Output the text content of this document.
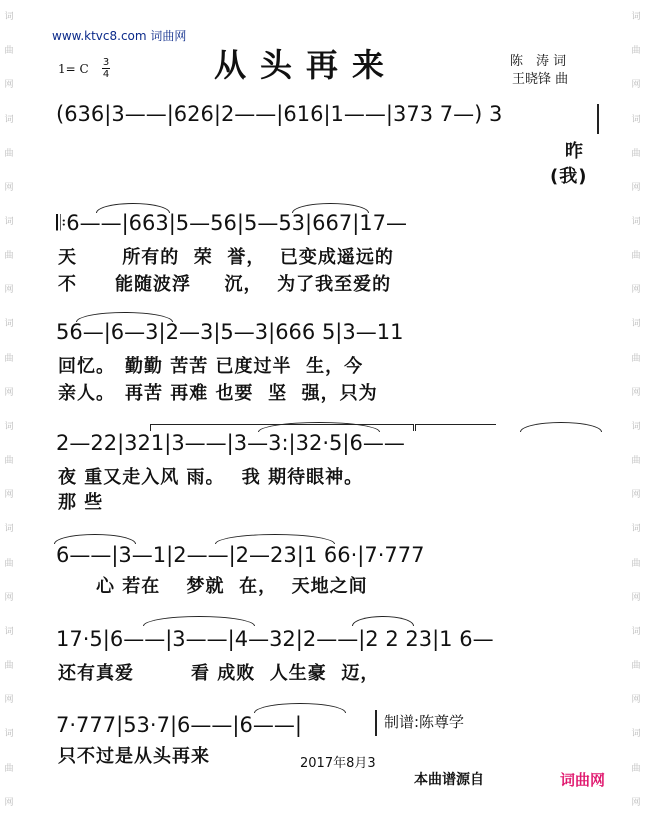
词
曲
网
词
曲
网
词
曲
网
词
曲
网
词
曲
网
词
曲
网
词
曲
网
词
曲
网
词
曲
网
词
曲
网
词
曲
网
词
曲
网
词
曲
网
词
曲
网
词
曲
网
词
曲
网
www.ktvc8.com 词曲网
1= C 3
4	从头再来	陈　涛 词
王晓锋 曲
(636|3——|626|2——|616|1——|373 7—) 3
昨
(我)
𝄆6——|663|5—56|5—53|667|17—
天　　 所有的  荣  誉，  已变成遥远的
不　　能随波浮　  沉，  为了我至爱的
56—|6—3|2—3|5—3|666 5|3—11
回忆。　勤勤 苦苦 已度过半  生，今
亲人。　再苦 再难 也要  坚  强，只为
2—22|321|3——|3—3:|32·5|6——
夜 重又走入风 雨。　 我 期待眼神。
那 些
6——|3—1|2——|2—23|1 66·|7·777
　　心 若在　 梦就  在，  天地之间
17·5|6——|3——|4—32|2——|2 2 23|1 6—
还有真爱　　　看 成败  人生豪  迈，
7·777|53·7|6——|6——|	制谱:陈尊学
只不过是从头再来	2017年8月3
本曲谱源自	词曲网
